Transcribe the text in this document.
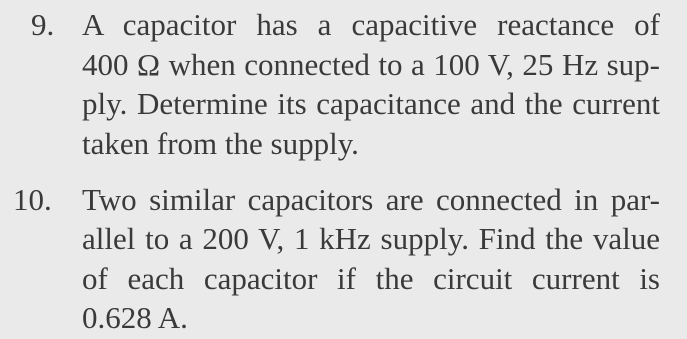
9. A capacitor has a capacitive reactance of
400 Ω when connected to a 100 V, 25 Hz sup-
ply. Determine its capacitance and the current
taken from the supply.
10. Two similar capacitors are connected in par-
allel to a 200 V, 1 kHz supply. Find the value
of each capacitor if the circuit current is
0.628 A.
